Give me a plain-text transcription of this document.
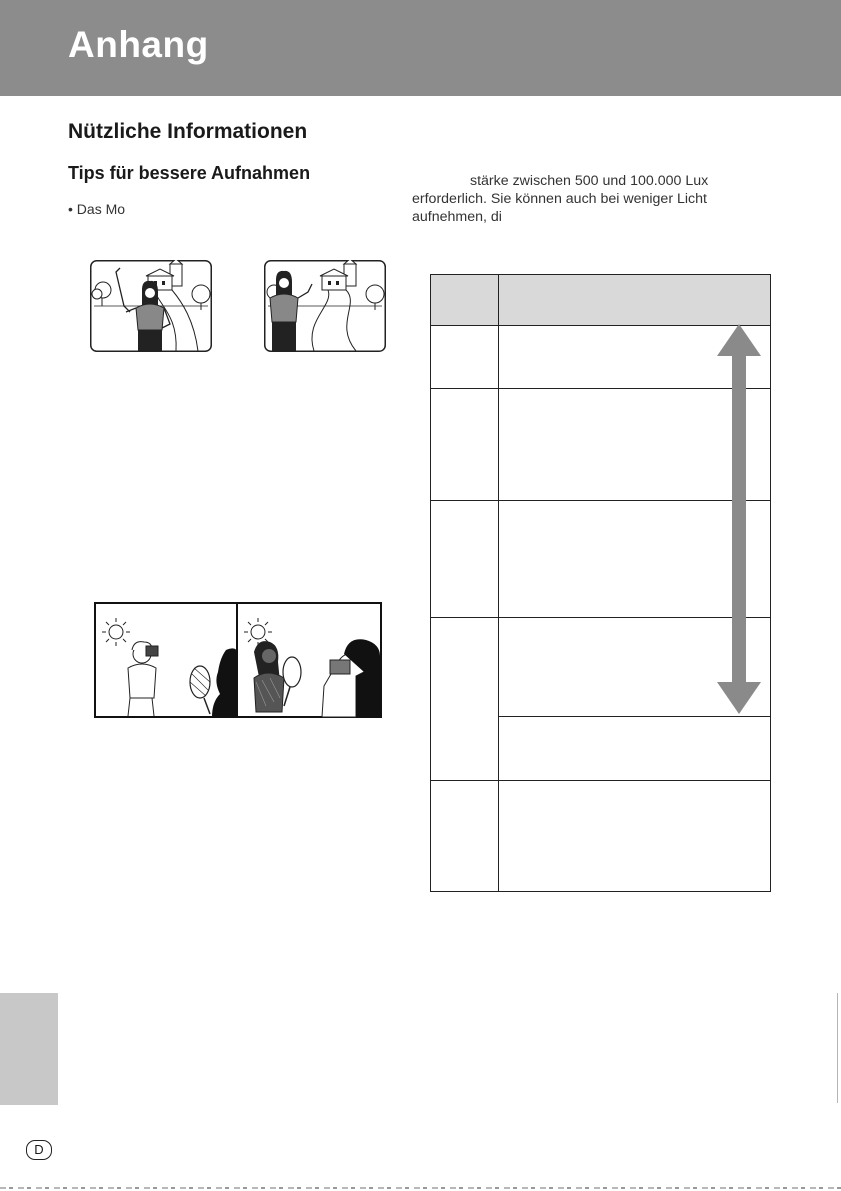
Anhang
Nützliche Informationen
Tips für bessere Aufnahmen
• Das Mo
stärke zwischen 500 und 100.000 Lux
erforderlich. Sie können auch bei weniger Licht
aufnehmen, di
D
